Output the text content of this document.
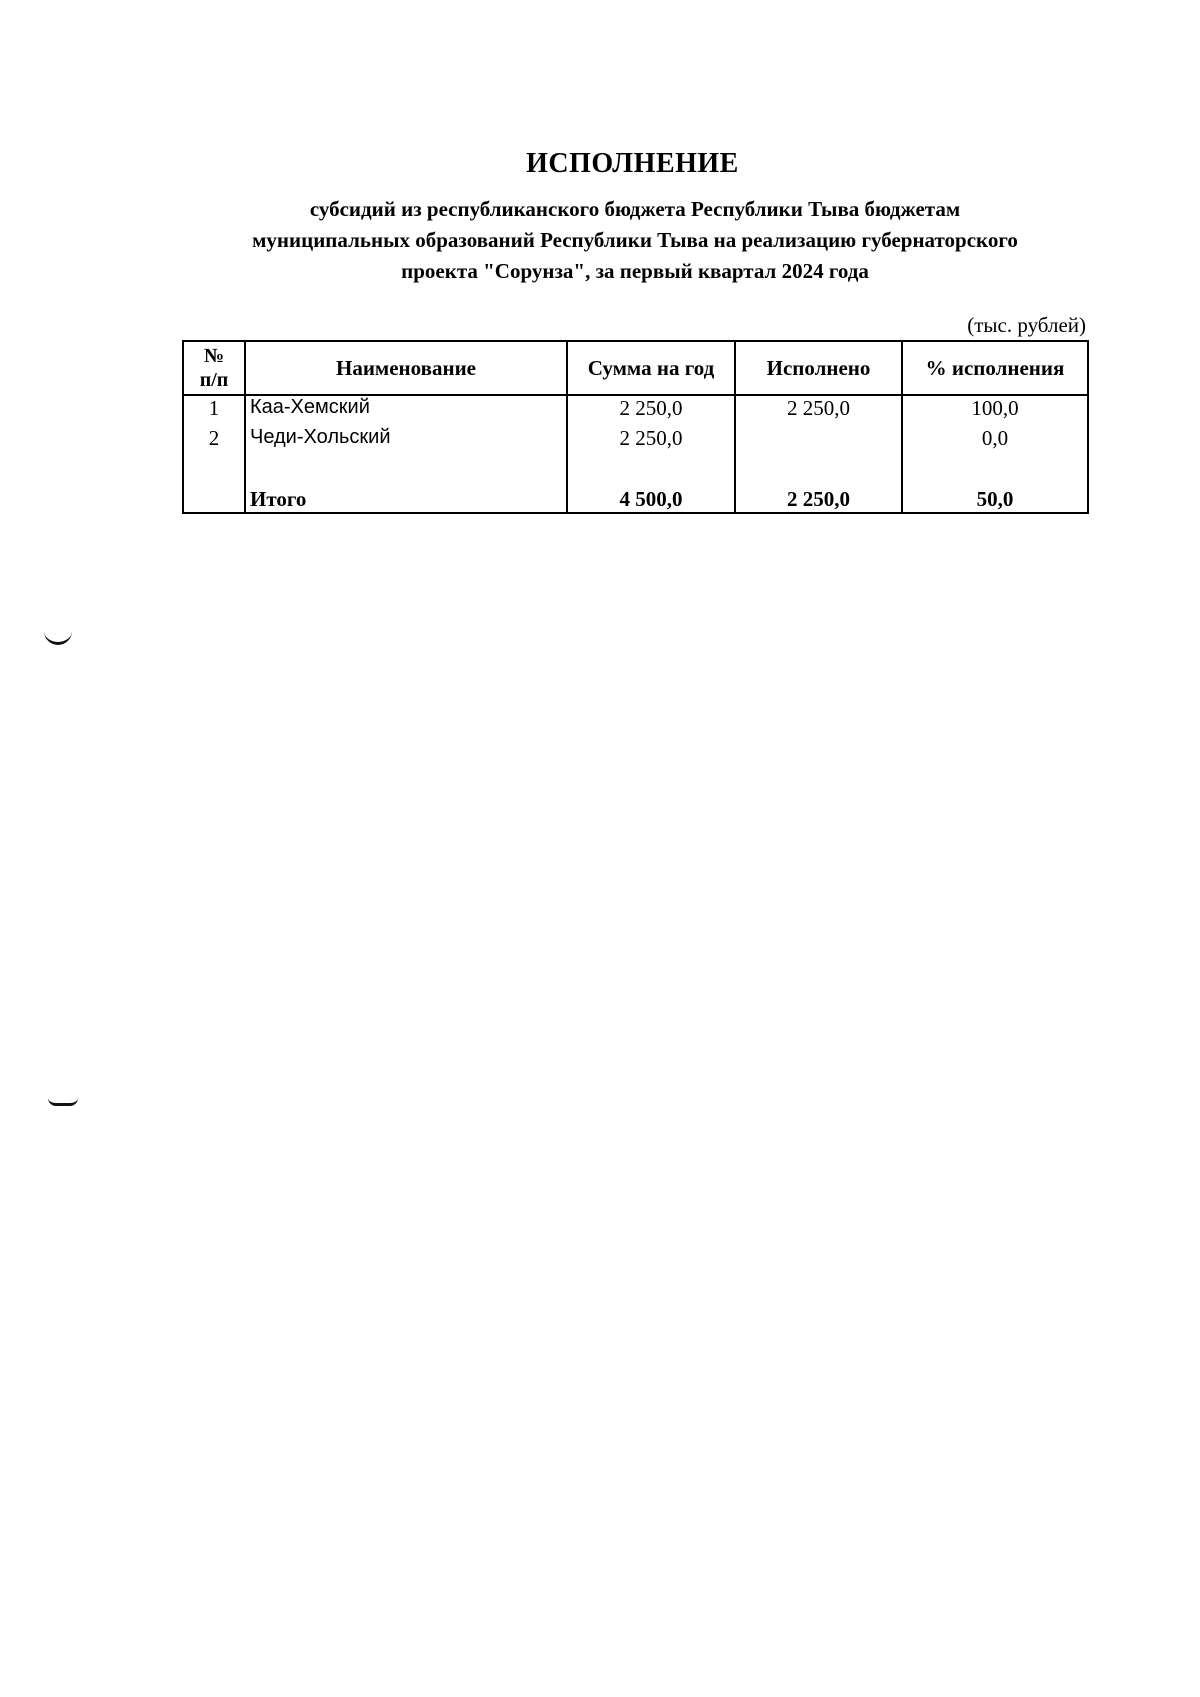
ИСПОЛНЕНИЕ
субсидий из республиканского бюджета Республики Тыва бюджетам
муниципальных образований Республики Тыва на реализацию губернаторского
проекта "Сорунза", за первый квартал 2024 года
(тыс. рублей)
№
п/п	Наименование	Сумма на год	Исполнено	% исполнения
1	Каа-Хемский	2 250,0	2 250,0	100,0
2	Чеди-Хольский	2 250,0		0,0
	Итого	4 500,0	2 250,0	50,0
